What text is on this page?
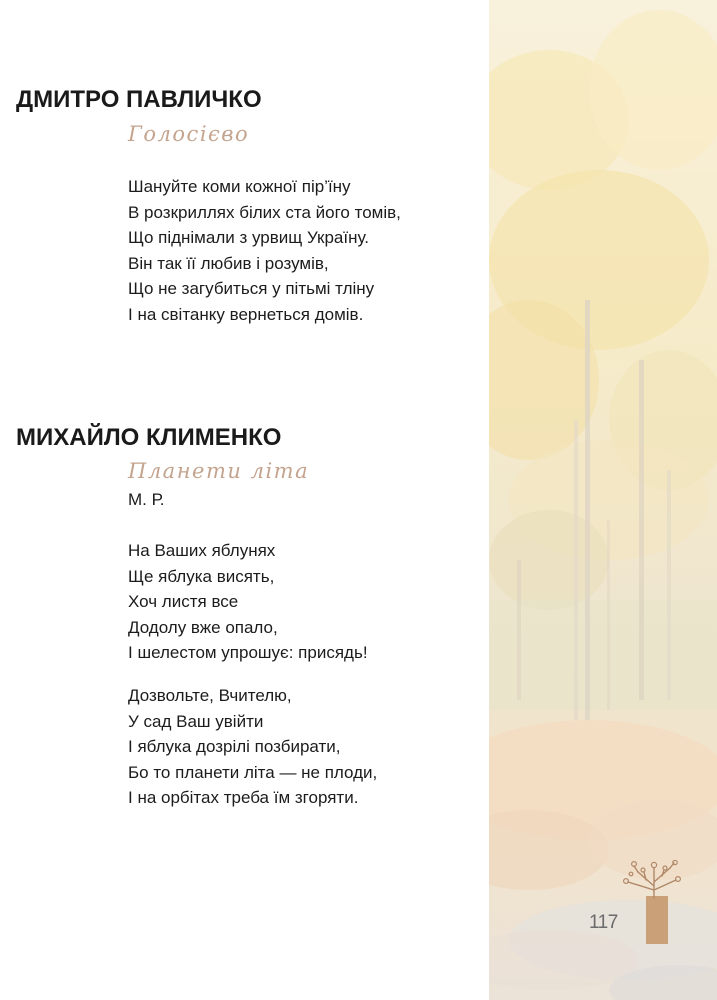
ДМИТРО ПАВЛИЧКО
Голосієво
Шануйте коми кожної пір’їну
В розкриллях білих ста його томів,
Що піднімали з урвищ Україну.
Він так її любив і розумів,
Що не загубиться у пітьмі тліну
І на світанку вернеться домів.
МИХАЙЛО КЛИМЕНКО
Планети літа
М. Р.
На Ваших яблунях
Ще яблука висять,
Хоч листя все
Додолу вже опало,
І шелестом упрошує: присядь!
Дозвольте, Вчителю,
У сад Ваш увійти
І яблука дозрілі позбирати,
Бо то планети літа — не плоди,
І на орбітах треба їм згоряти.
117
